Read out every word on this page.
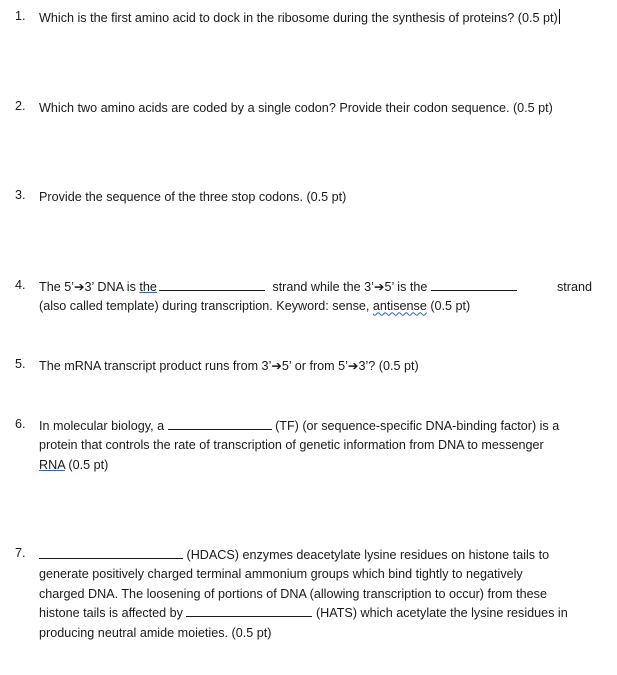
1. Which is the first amino acid to dock in the ribosome during the synthesis of proteins? (0.5 pt)
2. Which two amino acids are coded by a single codon? Provide their codon sequence. (0.5 pt)
3. Provide the sequence of the three stop codons. (0.5 pt)
4. The 5’➔3’ DNA is the	strand while the 3’➔5’ is the	strand
(also called template) during transcription. Keyword: sense, antisense (0.5 pt)
5. The mRNA transcript product runs from 3’➔5’ or from 5’➔3’? (0.5 pt)
6. In molecular biology, a	(TF) (or sequence-specific DNA-binding factor) is a
protein that controls the rate of transcription of genetic information from DNA to messenger
RNA (0.5 pt)
7.	(HDACS) enzymes deacetylate lysine residues on histone tails to
generate positively charged terminal ammonium groups which bind tightly to negatively
charged DNA. The loosening of portions of DNA (allowing transcription to occur) from these
histone tails is affected by	(HATS) which acetylate the lysine residues in
producing neutral amide moieties. (0.5 pt)
